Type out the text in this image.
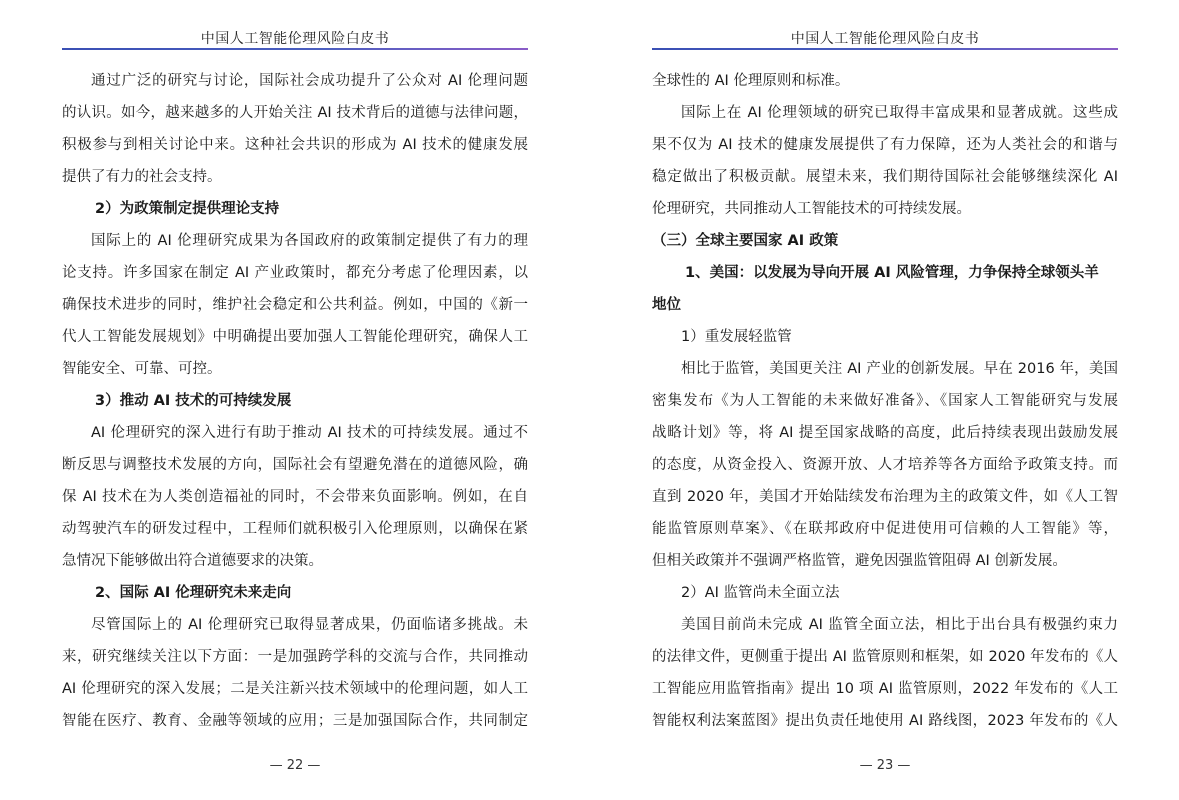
中国人工智能伦理风险白皮书
通过广泛的研究与讨论，国际社会成功提升了公众对 AI 伦理问题
的认识。如今，越来越多的人开始关注 AI 技术背后的道德与法律问题，
积极参与到相关讨论中来。这种社会共识的形成为 AI 技术的健康发展
提供了有力的社会支持。
2）为政策制定提供理论支持
国际上的 AI 伦理研究成果为各国政府的政策制定提供了有力的理
论支持。许多国家在制定 AI 产业政策时，都充分考虑了伦理因素，以
确保技术进步的同时，维护社会稳定和公共利益。例如，中国的《新一
代人工智能发展规划》中明确提出要加强人工智能伦理研究，确保人工
智能安全、可靠、可控。
3）推动 AI 技术的可持续发展
AI 伦理研究的深入进行有助于推动 AI 技术的可持续发展。通过不
断反思与调整技术发展的方向，国际社会有望避免潜在的道德风险，确
保 AI 技术在为人类创造福祉的同时，不会带来负面影响。例如，在自
动驾驶汽车的研发过程中，工程师们就积极引入伦理原则，以确保在紧
急情况下能够做出符合道德要求的决策。
2、国际 AI 伦理研究未来走向
尽管国际上的 AI 伦理研究已取得显著成果，仍面临诸多挑战。未
来，研究继续关注以下方面：一是加强跨学科的交流与合作，共同推动
AI 伦理研究的深入发展；二是关注新兴技术领域中的伦理问题，如人工
智能在医疗、教育、金融等领域的应用；三是加强国际合作，共同制定
— 22 —
中国人工智能伦理风险白皮书
全球性的 AI 伦理原则和标准。
国际上在 AI 伦理领域的研究已取得丰富成果和显著成就。这些成
果不仅为 AI 技术的健康发展提供了有力保障，还为人类社会的和谐与
稳定做出了积极贡献。展望未来，我们期待国际社会能够继续深化 AI
伦理研究，共同推动人工智能技术的可持续发展。
（三）全球主要国家 AI 政策
1、美国：以发展为导向开展 AI 风险管理，力争保持全球领头羊
地位
1）重发展轻监管
相比于监管，美国更关注 AI 产业的创新发展。早在 2016 年，美国
密集发布《为人工智能的未来做好准备》、《国家人工智能研究与发展
战略计划》等，将 AI 提至国家战略的高度，此后持续表现出鼓励发展
的态度，从资金投入、资源开放、人才培养等各方面给予政策支持。而
直到 2020 年，美国才开始陆续发布治理为主的政策文件，如《人工智
能监管原则草案》、《在联邦政府中促进使用可信赖的人工智能》等，
但相关政策并不强调严格监管，避免因强监管阻碍 AI 创新发展。
2）AI 监管尚未全面立法
美国目前尚未完成 AI 监管全面立法，相比于出台具有极强约束力
的法律文件，更侧重于提出 AI 监管原则和框架，如 2020 年发布的《人
工智能应用监管指南》提出 10 项 AI 监管原则，2022 年发布的《人工
智能权利法案蓝图》提出负责任地使用 AI 路线图，2023 年发布的《人
— 23 —
